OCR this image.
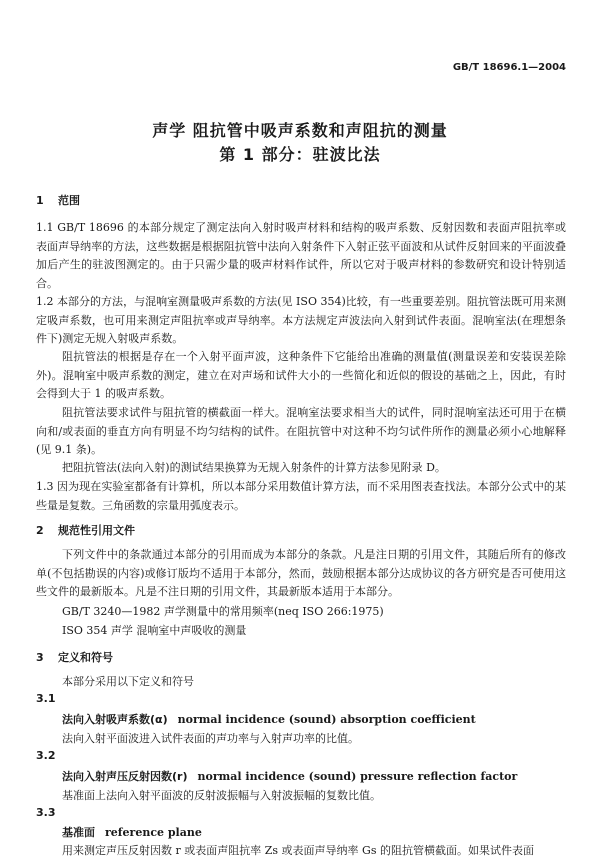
GB/T 18696.1—2004
声学 阻抗管中吸声系数和声阻抗的测量
第 1 部分：驻波比法
1 范围
1.1 GB/T 18696 的本部分规定了测定法向入射时吸声材料和结构的吸声系数、反射因数和表面声阻抗率或表面声导纳率的方法，这些数据是根据阻抗管中法向入射条件下入射正弦平面波和从试件反射回来的平面波叠加后产生的驻波图测定的。由于只需少量的吸声材料作试件，所以它对于吸声材料的参数研究和设计特别适合。
1.2 本部分的方法，与混响室测量吸声系数的方法(见 ISO 354)比较，有一些重要差别。阻抗管法既可用来测定吸声系数，也可用来测定声阻抗率或声导纳率。本方法规定声波法向入射到试件表面。混响室法(在理想条件下)测定无规入射吸声系数。
阻抗管法的根据是存在一个入射平面声波，这种条件下它能给出准确的测量值(测量误差和安装误差除外)。混响室中吸声系数的测定，建立在对声场和试件大小的一些简化和近似的假设的基础之上，因此，有时会得到大于 1 的吸声系数。
阻抗管法要求试件与阻抗管的横截面一样大。混响室法要求相当大的试件，同时混响室法还可用于在横向和/或表面的垂直方向有明显不均匀结构的试件。在阻抗管中对这种不均匀试件所作的测量必须小心地解释(见 9.1 条)。
把阻抗管法(法向入射)的测试结果换算为无规入射条件的计算方法参见附录 D。
1.3 因为现在实验室都备有计算机，所以本部分采用数值计算方法，而不采用图表查找法。本部分公式中的某些量是复数。三角函数的宗量用弧度表示。
2 规范性引用文件
下列文件中的条款通过本部分的引用而成为本部分的条款。凡是注日期的引用文件，其随后所有的修改单(不包括勘误的内容)或修订版均不适用于本部分，然而，鼓励根据本部分达成协议的各方研究是否可使用这些文件的最新版本。凡是不注日期的引用文件，其最新版本适用于本部分。
GB/T 3240—1982 声学测量中的常用频率(neq ISO 266:1975)
ISO 354 声学 混响室中声吸收的测量
3 定义和符号
本部分采用以下定义和符号
3.1
法向入射吸声系数(α) normal incidence (sound) absorption coefficient
法向入射平面波进入试件表面的声功率与入射声功率的比值。
3.2
法向入射声压反射因数(r) normal incidence (sound) pressure reflection factor
基准面上法向入射平面波的反射波振幅与入射波振幅的复数比值。
3.3
基准面 reference plane
用来测定声压反射因数 r 或表面声阻抗率 Zs 或表面声导纳率 Gs 的阻抗管横截面。如果试件表面
